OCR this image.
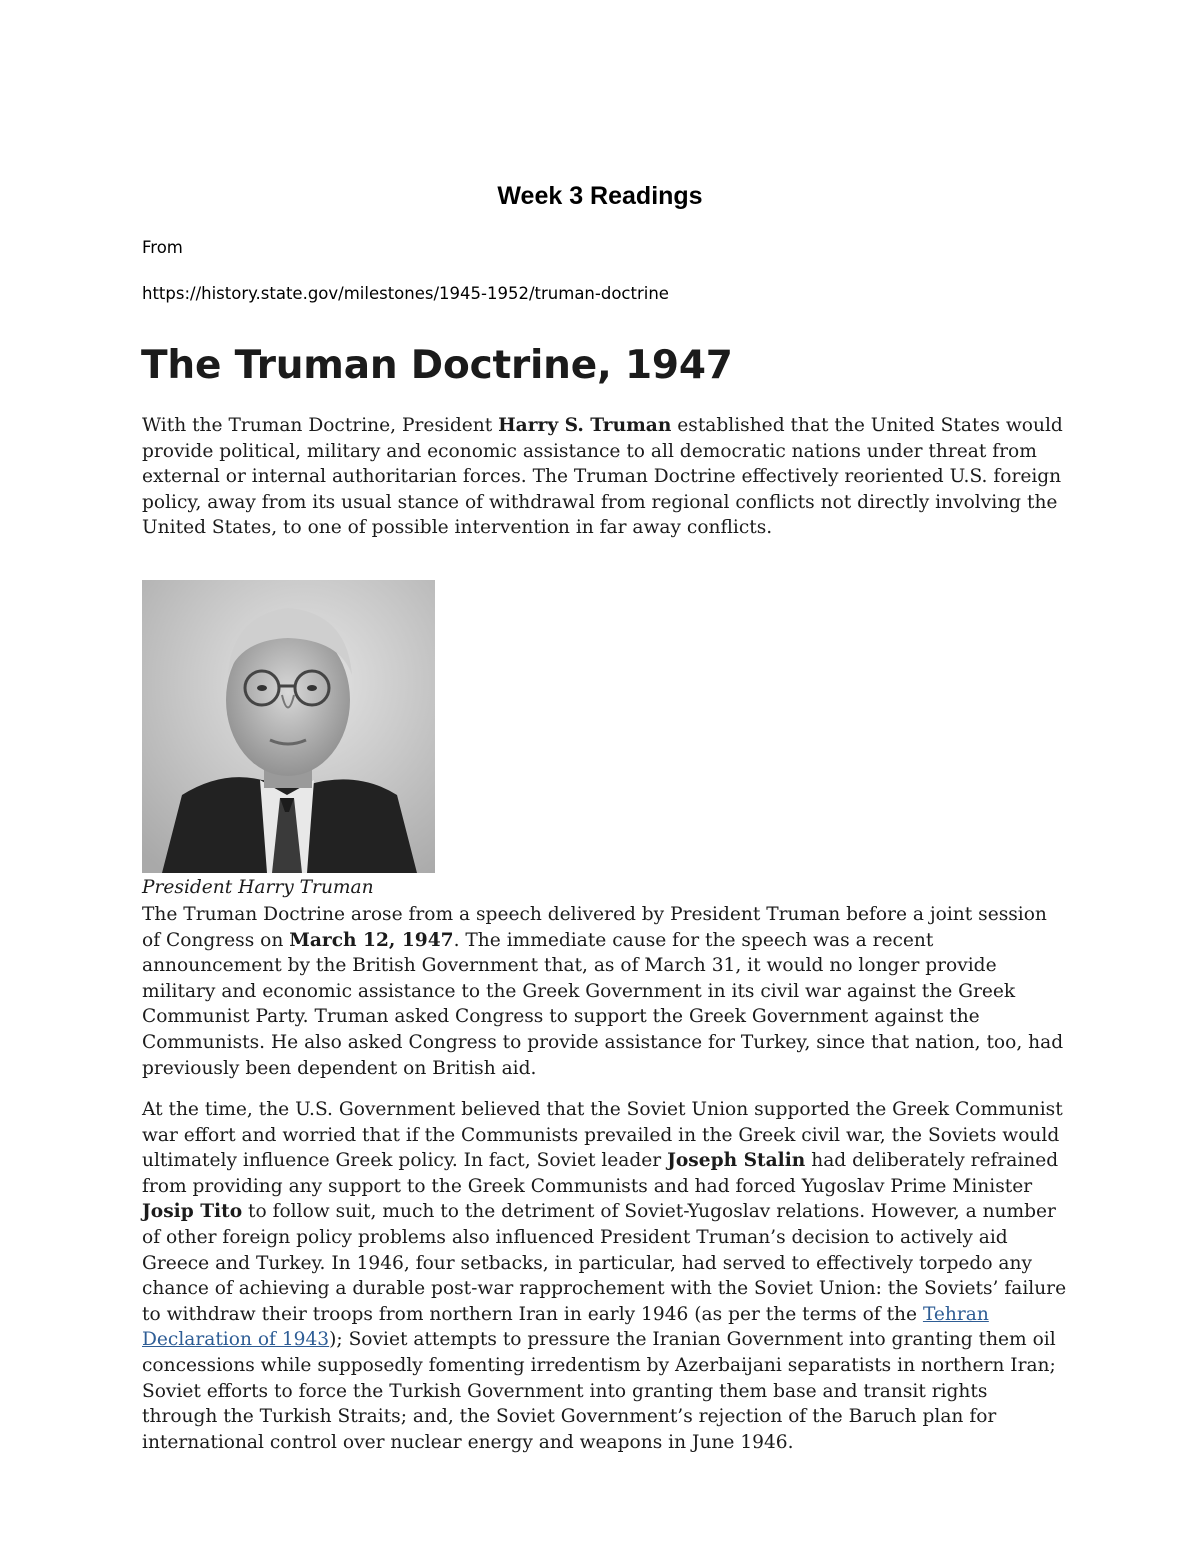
Week 3 Readings
From
https://history.state.gov/milestones/1945-1952/truman-doctrine
The Truman Doctrine, 1947

With the Truman Doctrine, President Harry S. Truman established that the United States would provide political, military and economic assistance to all democratic nations under threat from external or internal authoritarian forces. The Truman Doctrine effectively reoriented U.S. foreign policy, away from its usual stance of withdrawal from regional conflicts not directly involving the United States, to one of possible intervention in far away conflicts.

President Harry Truman

The Truman Doctrine arose from a speech delivered by President Truman before a joint session of Congress on March 12, 1947. The immediate cause for the speech was a recent announcement by the British Government that, as of March 31, it would no longer provide military and economic assistance to the Greek Government in its civil war against the Greek Communist Party. Truman asked Congress to support the Greek Government against the Communists. He also asked Congress to provide assistance for Turkey, since that nation, too, had previously been dependent on British aid.

At the time, the U.S. Government believed that the Soviet Union supported the Greek Communist war effort and worried that if the Communists prevailed in the Greek civil war, the Soviets would ultimately influence Greek policy. In fact, Soviet leader Joseph Stalin had deliberately refrained from providing any support to the Greek Communists and had forced Yugoslav Prime Minister Josip Tito to follow suit, much to the detriment of Soviet-Yugoslav relations. However, a number of other foreign policy problems also influenced President Truman’s decision to actively aid Greece and Turkey. In 1946, four setbacks, in particular, had served to effectively torpedo any chance of achieving a durable post-war rapprochement with the Soviet Union: the Soviets’ failure to withdraw their troops from northern Iran in early 1946 (as per the terms of the Tehran Declaration of 1943); Soviet attempts to pressure the Iranian Government into granting them oil concessions while supposedly fomenting irredentism by Azerbaijani separatists in northern Iran; Soviet efforts to force the Turkish Government into granting them base and transit rights through the Turkish Straits; and, the Soviet Government’s rejection of the Baruch plan for international control over nuclear energy and weapons in June 1946.
